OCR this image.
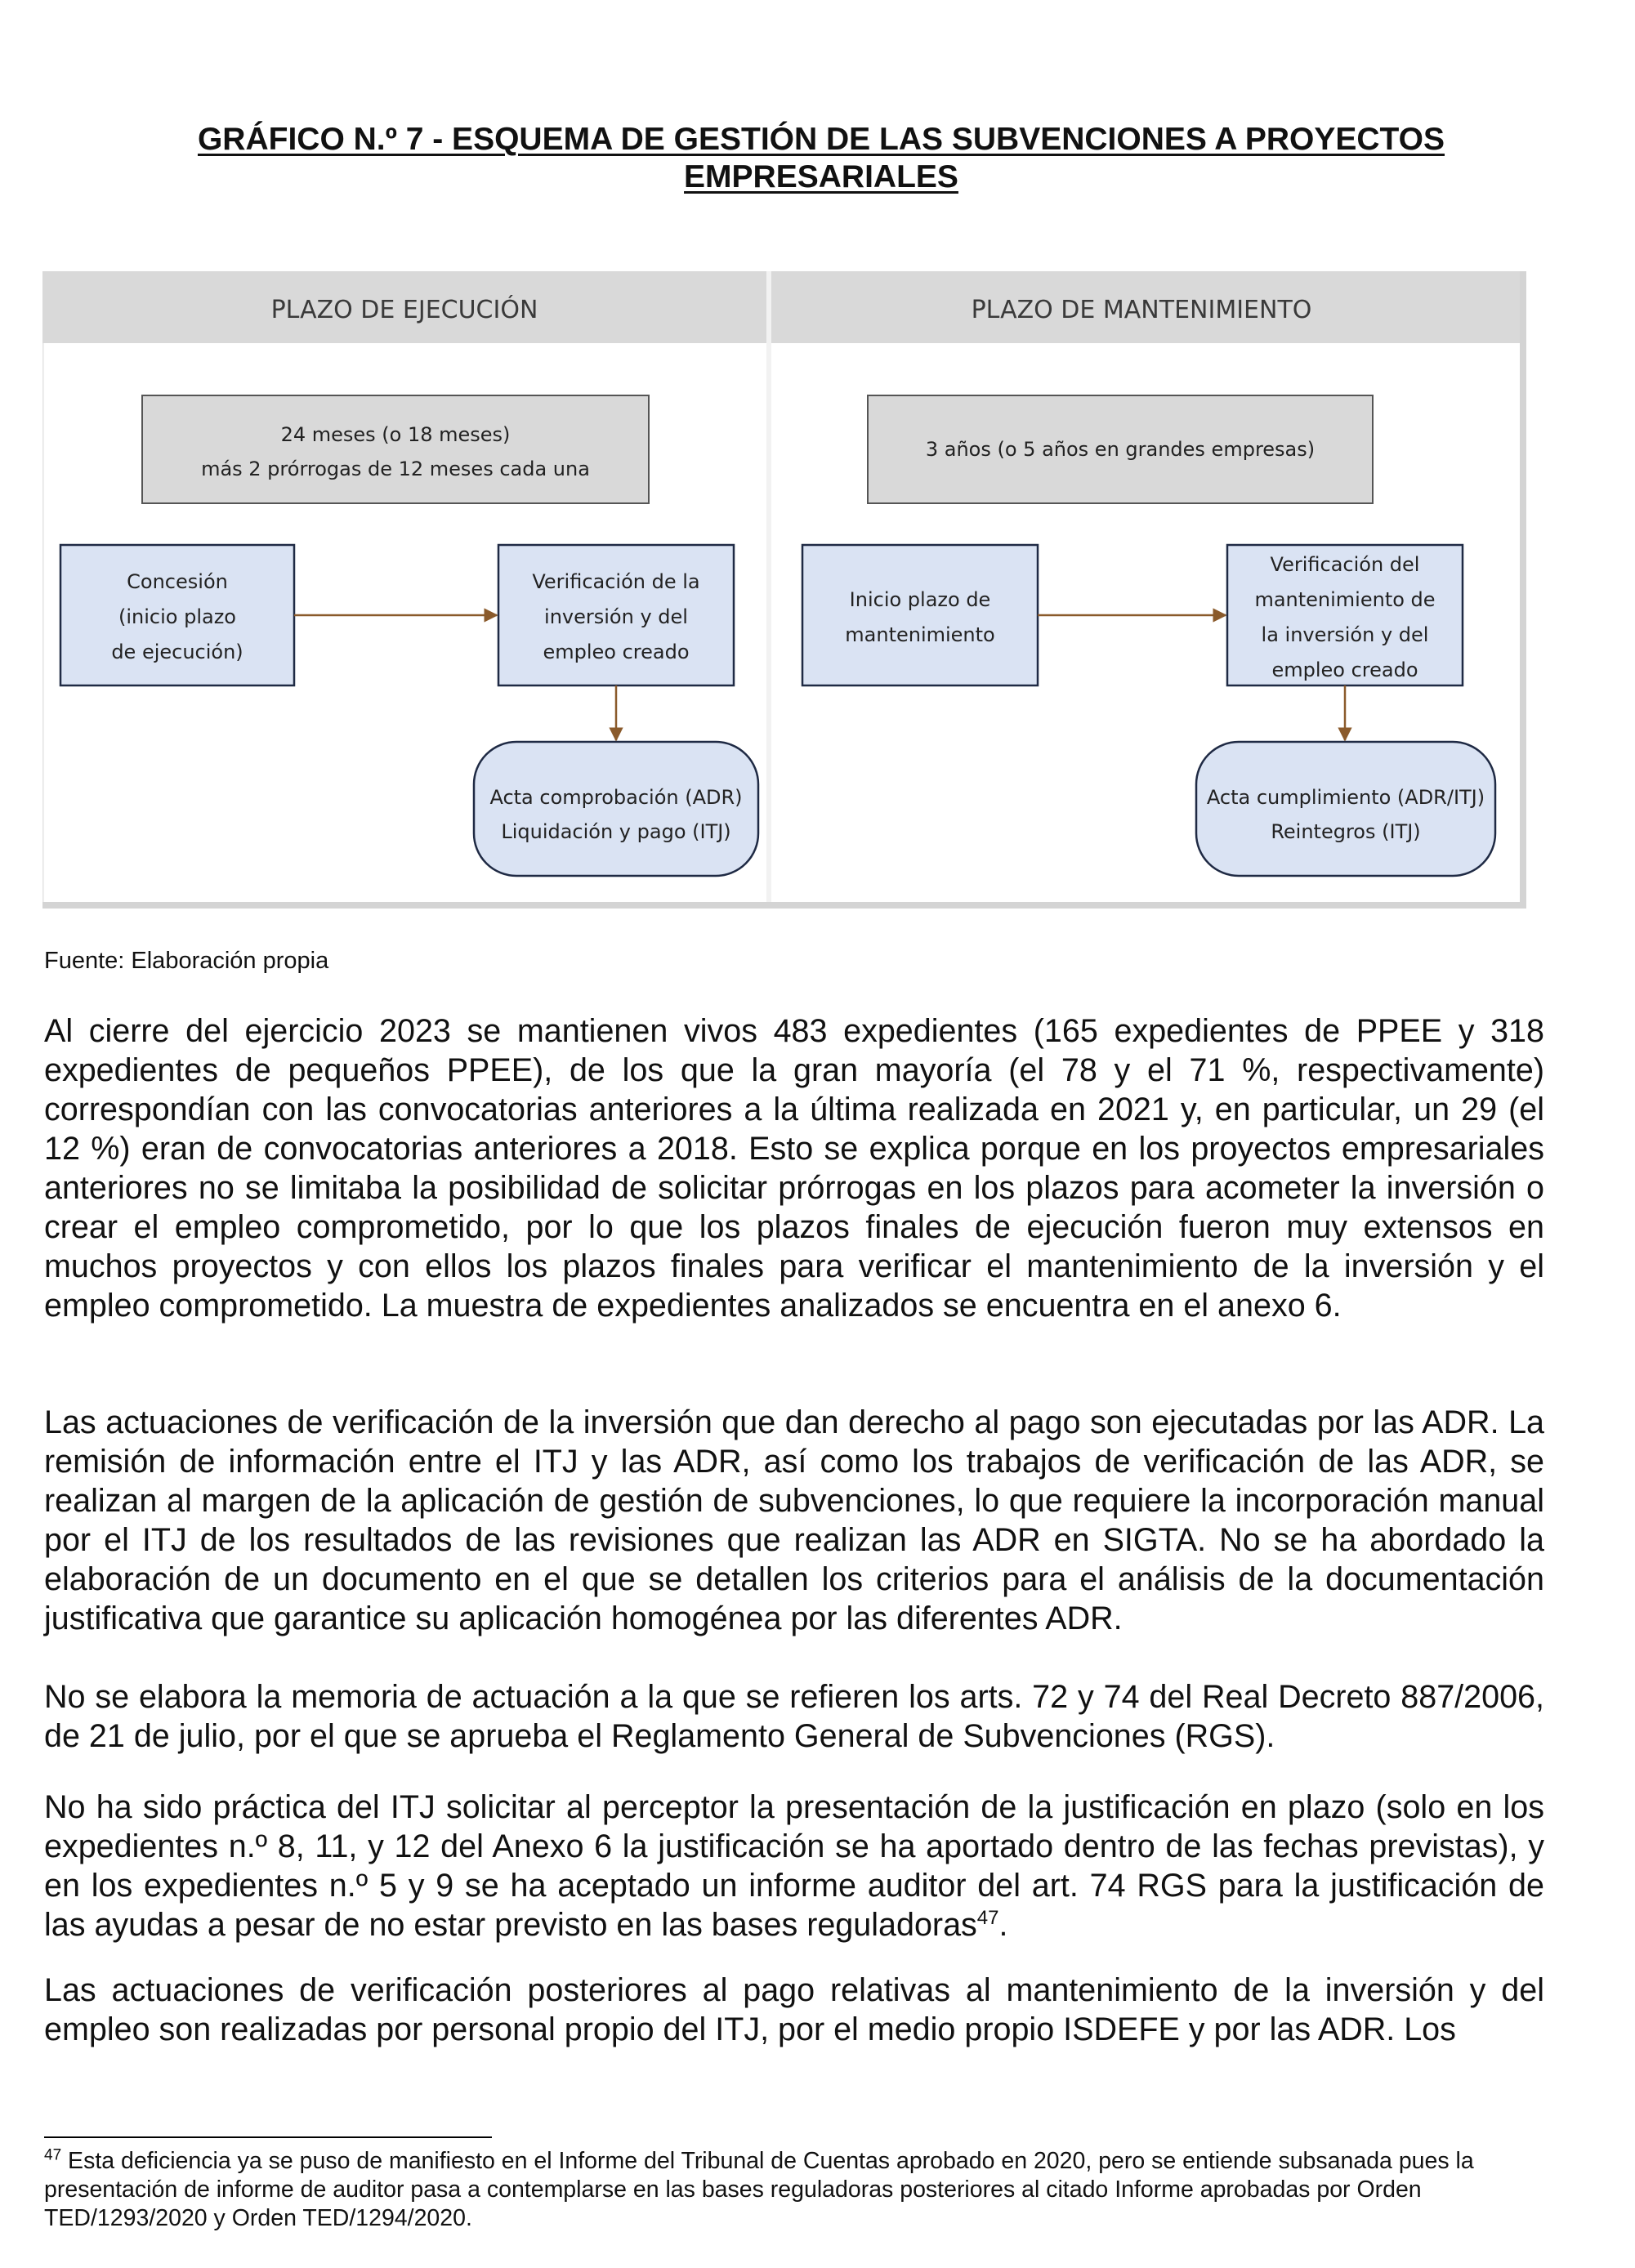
GRÁFICO N.º 7 - ESQUEMA DE GESTIÓN DE LAS SUBVENCIONES A PROYECTOS EMPRESARIALES
PLAZO DE EJECUCIÓN	PLAZO DE MANTENIMIENTO
24 meses (o 18 meses)
más 2 prórrogas de 12 meses cada una
3 años (o 5 años en grandes empresas)
Concesión
(inicio plazo
de ejecución)
Verificación de la
inversión y del
empleo creado
Acta comprobación (ADR)
Liquidación y pago (ITJ)
Inicio plazo de
mantenimiento
Verificación del
mantenimiento de
la inversión y del
empleo creado
Acta cumplimiento (ADR/ITJ)
Reintegros (ITJ)
Fuente: Elaboración propia

Al cierre del ejercicio 2023 se mantienen vivos 483 expedientes (165 expedientes de PPEE y 318 expedientes de pequeños PPEE), de los que la gran mayoría (el 78 y el 71 %, respectivamente) correspondían con las convocatorias anteriores a la última realizada en 2021 y, en particular, un 29 (el 12 %) eran de convocatorias anteriores a 2018. Esto se explica porque en los proyectos empresariales anteriores no se limitaba la posibilidad de solicitar prórrogas en los plazos para acometer la inversión o crear el empleo comprometido, por lo que los plazos finales de ejecución fueron muy extensos en muchos proyectos y con ellos los plazos finales para verificar el mantenimiento de la inversión y el empleo comprometido. La muestra de expedientes analizados se encuentra en el anexo 6.

Las actuaciones de verificación de la inversión que dan derecho al pago son ejecutadas por las ADR. La remisión de información entre el ITJ y las ADR, así como los trabajos de verificación de las ADR, se realizan al margen de la aplicación de gestión de subvenciones, lo que requiere la incorporación manual por el ITJ de los resultados de las revisiones que realizan las ADR en SIGTA. No se ha abordado la elaboración de un documento en el que se detallen los criterios para el análisis de la documentación justificativa que garantice su aplicación homogénea por las diferentes ADR.

No se elabora la memoria de actuación a la que se refieren los arts. 72 y 74 del Real Decreto 887/2006, de 21 de julio, por el que se aprueba el Reglamento General de Subvenciones (RGS).

No ha sido práctica del ITJ solicitar al perceptor la presentación de la justificación en plazo (solo en los expedientes n.º 8, 11, y 12 del Anexo 6 la justificación se ha aportado dentro de las fechas previstas), y en los expedientes n.º 5 y 9 se ha aceptado un informe auditor del art. 74 RGS para la justificación de las ayudas a pesar de no estar previsto en las bases reguladoras$^{47}$.

Las actuaciones de verificación posteriores al pago relativas al mantenimiento de la inversión y del empleo son realizadas por personal propio del ITJ, por el medio propio ISDEFE y por las ADR. Los

$^{47}$ Esta deficiencia ya se puso de manifiesto en el Informe del Tribunal de Cuentas aprobado en 2020, pero se entiende subsanada pues la presentación de informe de auditor pasa a contemplarse en las bases reguladoras posteriores al citado Informe aprobadas por Orden TED/1293/2020 y Orden TED/1294/2020.
